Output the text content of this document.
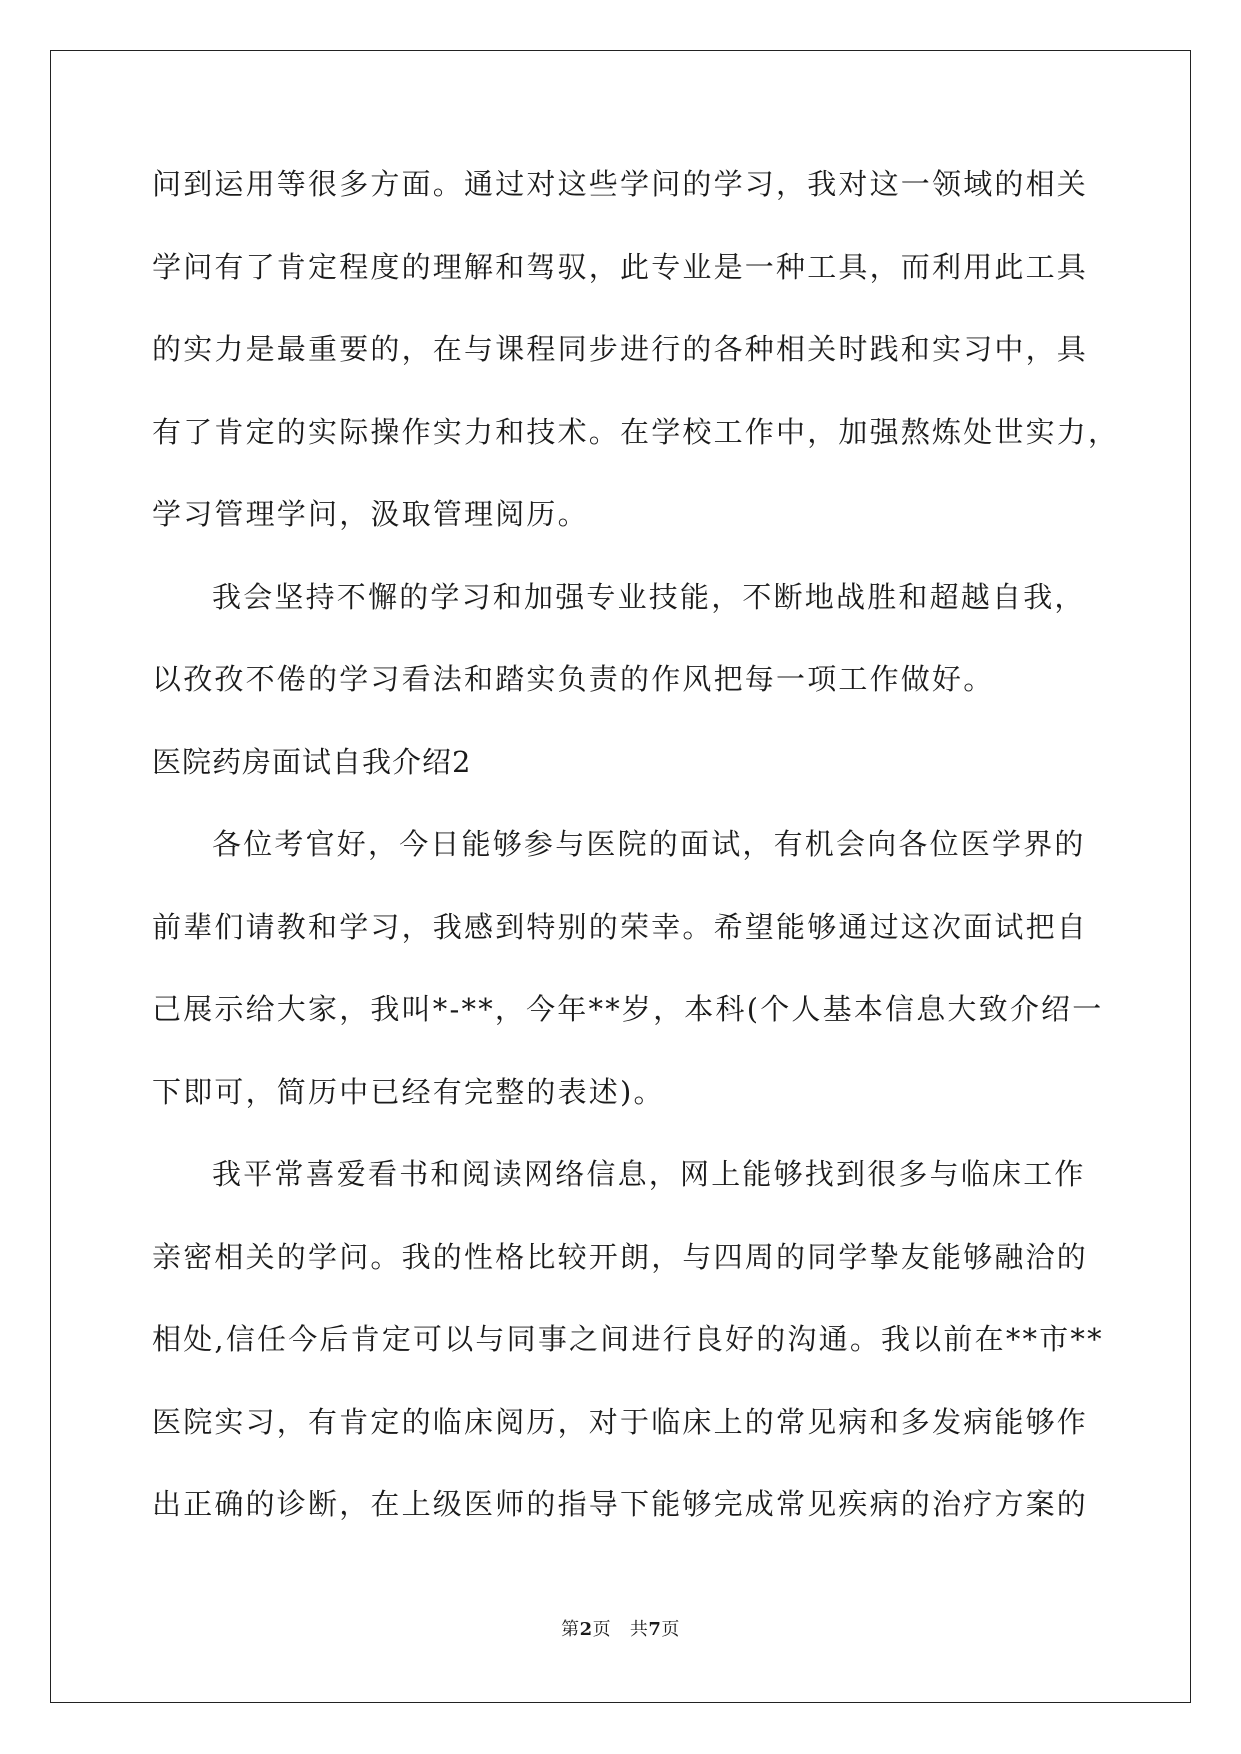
问到运用等很多方面。通过对这些学问的学习，我对这一领域的相关
学问有了肯定程度的理解和驾驭，此专业是一种工具，而利用此工具
的实力是最重要的，在与课程同步进行的各种相关时践和实习中，具
有了肯定的实际操作实力和技术。在学校工作中，加强熬炼处世实力，
学习管理学问，汲取管理阅历。
我会坚持不懈的学习和加强专业技能，不断地战胜和超越自我，
以孜孜不倦的学习看法和踏实负责的作风把每一项工作做好。
医院药房面试自我介绍2
各位考官好，今日能够参与医院的面试，有机会向各位医学界的
前辈们请教和学习，我感到特别的荣幸。希望能够通过这次面试把自
己展示给大家，我叫*-**，今年**岁，本科(个人基本信息大致介绍一
下即可，简历中已经有完整的表述)。
我平常喜爱看书和阅读网络信息，网上能够找到很多与临床工作
亲密相关的学问。我的性格比较开朗，与四周的同学挚友能够融洽的
相处,信任今后肯定可以与同事之间进行良好的沟通。我以前在**市**
医院实习，有肯定的临床阅历，对于临床上的常见病和多发病能够作
出正确的诊断，在上级医师的指导下能够完成常见疾病的治疗方案的
第2页 共7页
